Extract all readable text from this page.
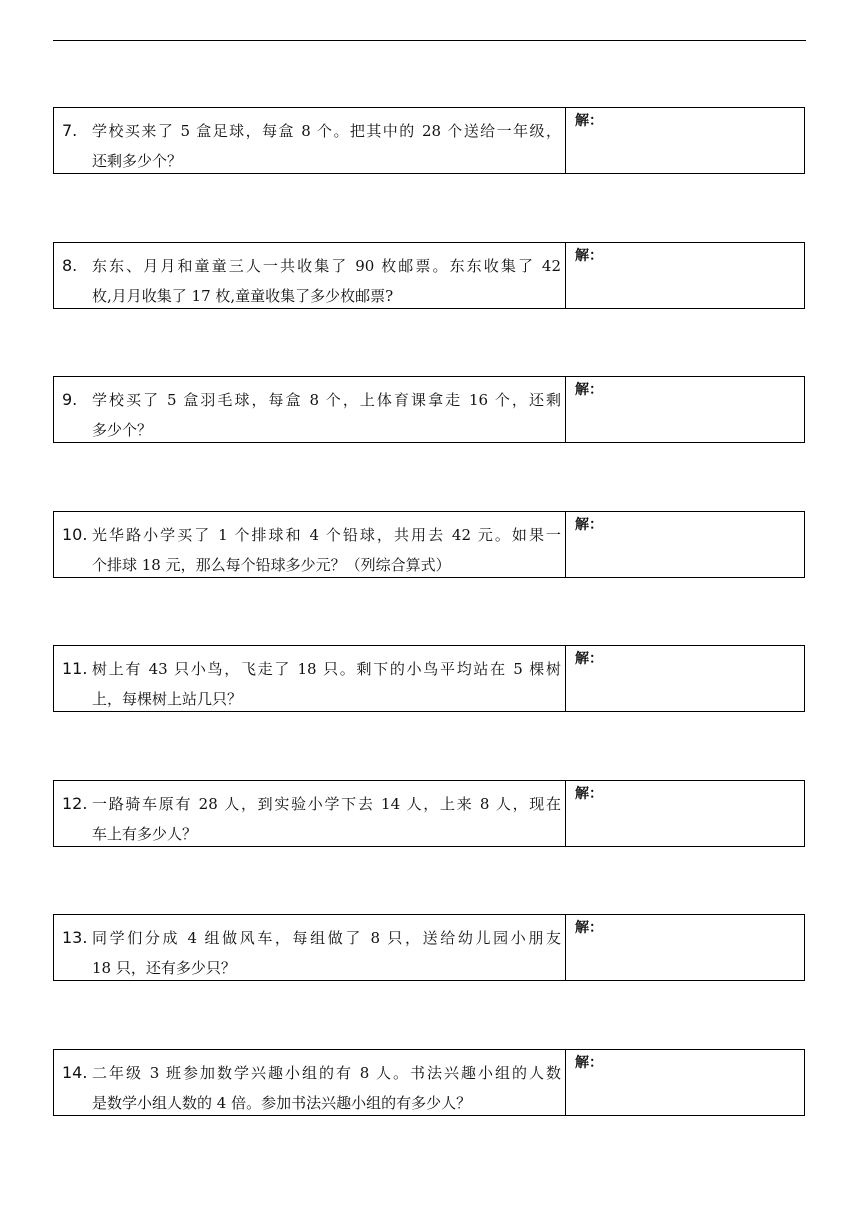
7. 学校买来了 5 盒足球，每盒 8 个。把其中的 28 个送给一年级，
还剩多少个？
解：
8. 东东、月月和童童三人一共收集了 90 枚邮票。东东收集了 42
枚,月月收集了 17 枚,童童收集了多少枚邮票?
解：
9. 学校买了 5 盒羽毛球，每盒 8 个，上体育课拿走 16 个，还剩
多少个？
解：
10. 光华路小学买了 1 个排球和 4 个铅球，共用去 42 元。如果一
个排球 18 元，那么每个铅球多少元？（列综合算式）
解：
11. 树上有 43 只小鸟，飞走了 18 只。剩下的小鸟平均站在 5 棵树
上，每棵树上站几只？
解：
12. 一路骑车原有 28 人，到实验小学下去 14 人，上来 8 人，现在
车上有多少人？
解：
13. 同学们分成 4 组做风车，每组做了 8 只，送给幼儿园小朋友
18 只，还有多少只？
解：
14. 二年级 3 班参加数学兴趣小组的有 8 人。书法兴趣小组的人数
是数学小组人数的 4 倍。参加书法兴趣小组的有多少人？
解：
